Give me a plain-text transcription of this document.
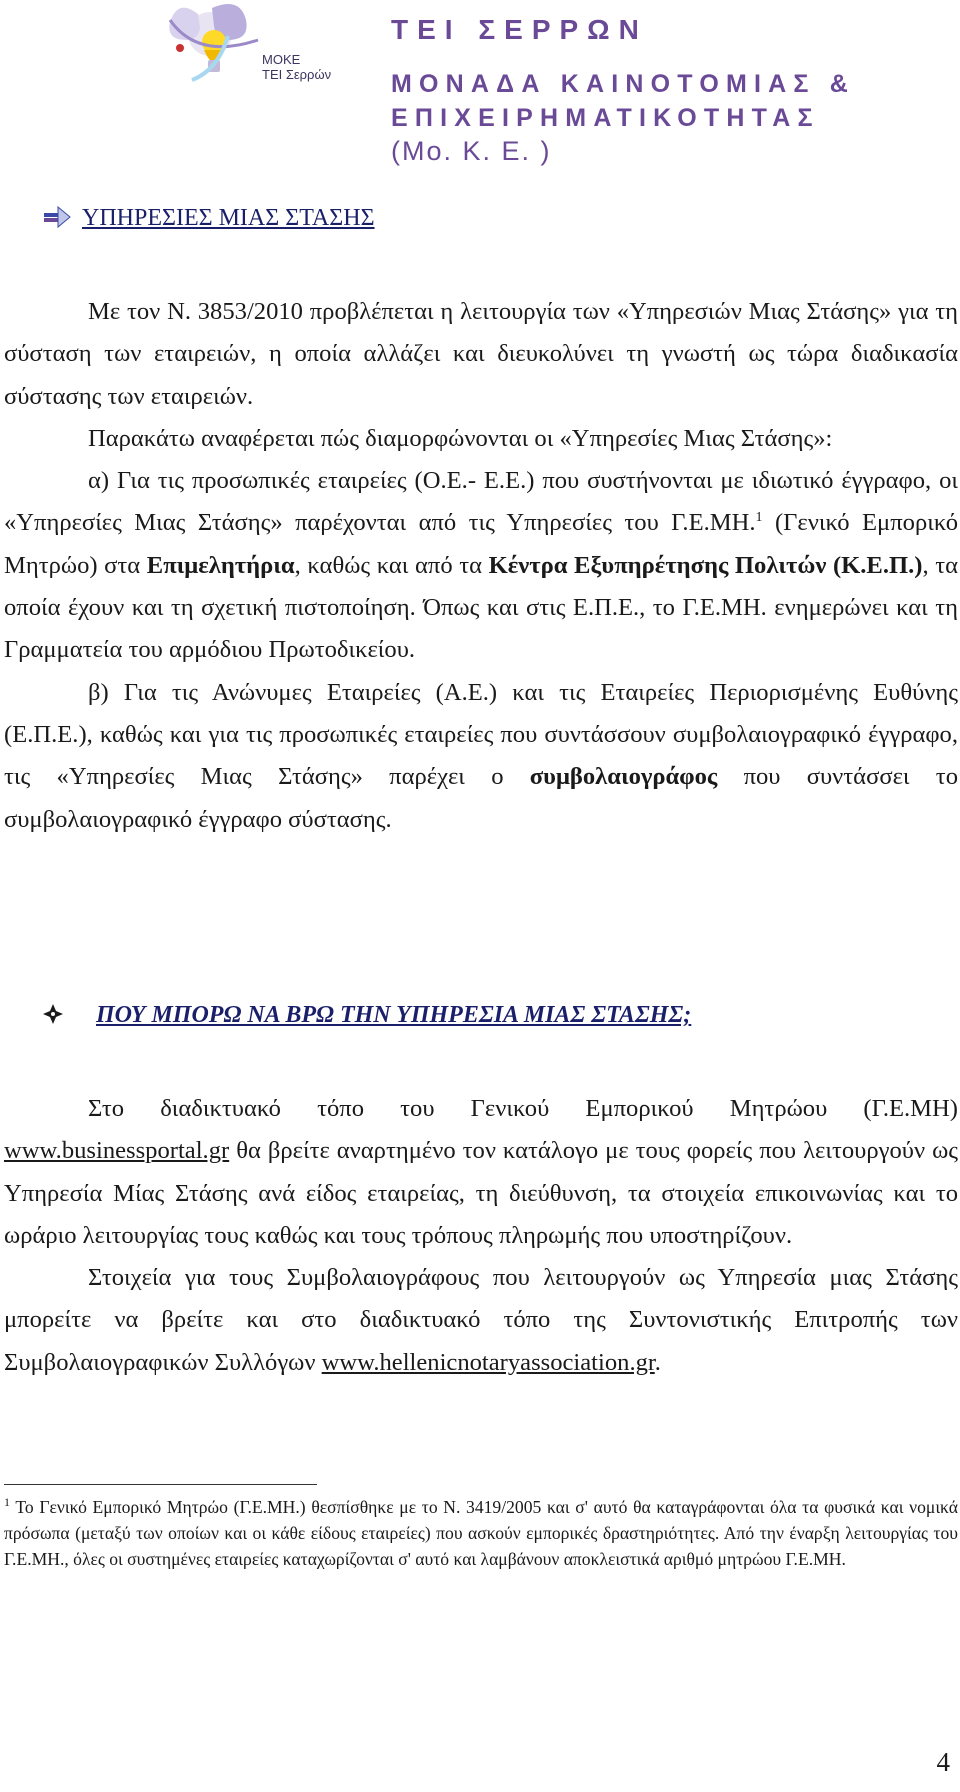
ΜΟΚΕ
ΤΕΙ Σερρών
ΤΕΙ ΣΕΡΡΩΝ
ΜΟΝΑΔΑ ΚΑΙΝΟΤΟΜΙΑΣ &
ΕΠΙΧΕΙΡΗΜΑΤΙΚΟΤΗΤΑΣ
(Μο. Κ. Ε. )
ΥΠΗΡΕΣΙΕΣ ΜΙΑΣ ΣΤΑΣΗΣ

Με τον Ν. 3853/2010 προβλέπεται η λειτουργία των «Υπηρεσιών Μιας Στάσης» για τη σύσταση των εταιρειών, η οποία αλλάζει και διευκολύνει τη γνωστή ως τώρα διαδικασία σύστασης των εταιρειών.

Παρακάτω αναφέρεται πώς διαμορφώνονται οι «Υπηρεσίες Μιας Στάσης»:

α) Για τις προσωπικές εταιρείες (Ο.Ε.- Ε.Ε.) που συστήνονται με ιδιωτικό έγγραφο, οι «Υπηρεσίες Μιας Στάσης» παρέχονται από τις Υπηρεσίες του Γ.Ε.ΜΗ.$^1$ (Γενικό Εμπορικό Μητρώο) στα Επιμελητήρια, καθώς και από τα Κέντρα Εξυπηρέτησης Πολιτών (Κ.Ε.Π.), τα οποία έχουν και τη σχετική πιστοποίηση. Όπως και στις Ε.Π.Ε., το Γ.Ε.ΜΗ. ενημερώνει και τη Γραμματεία του αρμόδιου Πρωτοδικείου.

β) Για τις Ανώνυμες Εταιρείες (Α.Ε.) και τις Εταιρείες Περιορισμένης Ευθύνης (Ε.Π.Ε.), καθώς και για τις προσωπικές εταιρείες που συντάσσουν συμβολαιογραφικό έγγραφο, τις «Υπηρεσίες Μιας Στάσης» παρέχει ο συμβολαιογράφος που συντάσσει το συμβολαιογραφικό έγγραφο σύστασης.

ΠΟΥ ΜΠΟΡΩ ΝΑ ΒΡΩ ΤΗΝ ΥΠΗΡΕΣΙΑ ΜΙΑΣ ΣΤΑΣΗΣ;

Στο διαδικτυακό τόπο του Γενικού Εμπορικού Μητρώου (Γ.Ε.ΜΗ) www.businessportal.gr θα βρείτε αναρτημένο τον κατάλογο με τους φορείς που λειτουργούν ως Υπηρεσία Μίας Στάσης ανά είδος εταιρείας, τη διεύθυνση, τα στοιχεία επικοινωνίας και το ωράριο λειτουργίας τους καθώς και τους τρόπους πληρωμής που υποστηρίζουν.

Στοιχεία για τους Συμβολαιογράφους που λειτουργούν ως Υπηρεσία μιας Στάσης μπορείτε να βρείτε και στο διαδικτυακό τόπο της Συντονιστικής Επιτροπής των Συμβολαιογραφικών Συλλόγων www.hellenicnotaryassociation.gr.

$^1$ Το Γενικό Εμπορικό Μητρώο (Γ.Ε.ΜΗ.) θεσπίσθηκε με το Ν. 3419/2005 και σ' αυτό θα καταγράφονται όλα τα φυσικά και νομικά πρόσωπα (μεταξύ των οποίων και οι κάθε είδους εταιρείες) που ασκούν εμπορικές δραστηριότητες. Από την έναρξη λειτουργίας του Γ.Ε.ΜΗ., όλες οι συστημένες εταιρείες καταχωρίζονται σ' αυτό και λαμβάνουν αποκλειστικά αριθμό μητρώου Γ.Ε.ΜΗ.

4
